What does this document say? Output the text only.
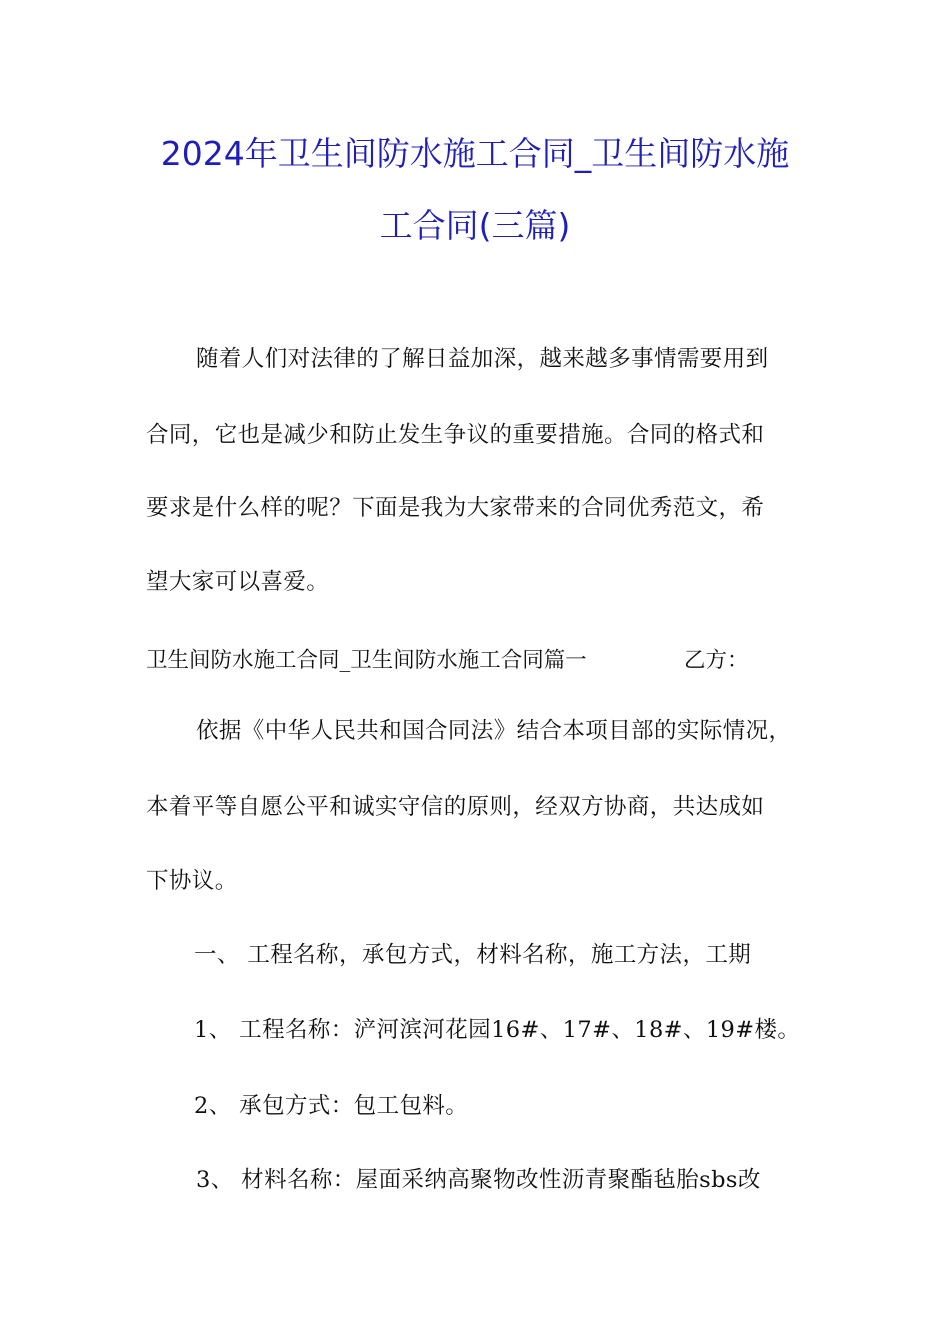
2024年卫生间防水施工合同_卫生间防水施
工合同(三篇)
随着人们对法律的了解日益加深，越来越多事情需要用到
合同，它也是减少和防止发生争议的重要措施。合同的格式和
要求是什么样的呢？下面是我为大家带来的合同优秀范文，希
望大家可以喜爱。
卫生间防水施工合同_卫生间防水施工合同篇一	乙方：
依据《中华人民共和国合同法》结合本项目部的实际情况，
本着平等自愿公平和诚实守信的原则，经双方协商，共达成如
下协议。
一、 工程名称，承包方式，材料名称，施工方法，工期
1、 工程名称：浐河滨河花园16#、17#、18#、19#楼。
2、 承包方式：包工包料。
3、 材料名称：屋面采纳高聚物改性沥青聚酯毡胎sbs改
